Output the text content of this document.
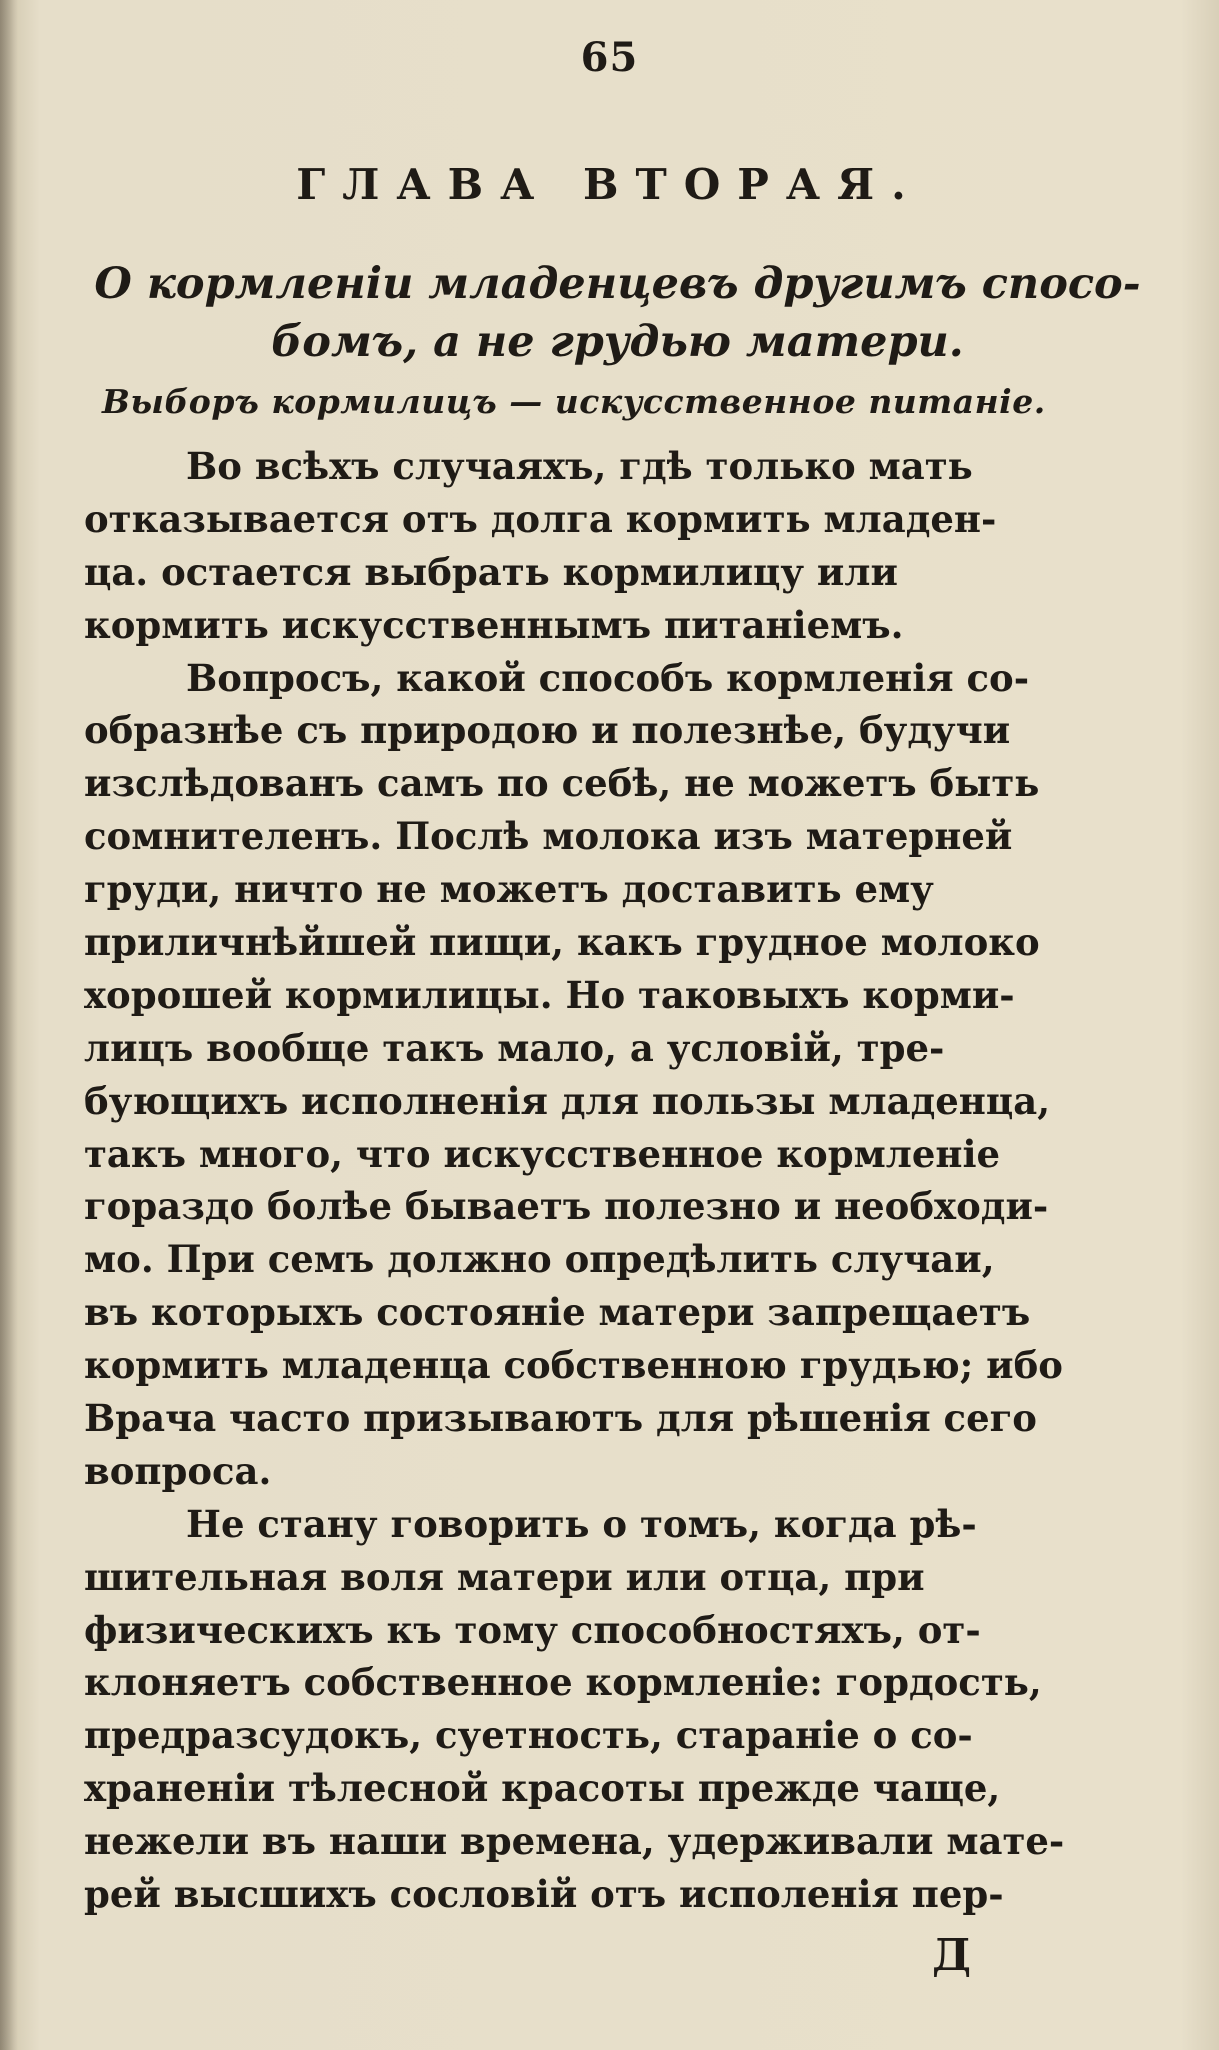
65
ГЛАВА ВТОРАЯ.
О кормленіи младенцевъ другимъ спосо-
бомъ, а не грудью матери.
Выборъ кормилицъ — искусственное питаніе.
Во всѣхъ случаяхъ, гдѣ только мать
отказывается отъ долга кормить младен-
ца. остается выбрать кормилицу или
кормить искусственнымъ питаніемъ.
Вопросъ, какой способъ кормленія со-
образнѣе съ природою и полезнѣе, будучи
изслѣдованъ самъ по себѣ, не можетъ быть
сомнителенъ. Послѣ молока изъ матерней
груди, ничто не можетъ доставить ему
приличнѣйшей пищи, какъ грудное молоко
хорошей кормилицы. Но таковыхъ корми-
лицъ вообще такъ мало, а условій, тре-
бующихъ исполненія для пользы младенца,
такъ много, что искусственное кормленіе
гораздо болѣе бываетъ полезно и необходи-
мо. При семъ должно опредѣлить случаи,
въ которыхъ состояніе матери запрещаетъ
кормить младенца собственною грудью; ибо
Врача часто призываютъ для рѣшенія сего
вопроса.
Не стану говорить о томъ, когда рѣ-
шительная воля матери или отца, при
физическихъ къ тому способностяхъ, от-
клоняетъ собственное кормленіе: гордость,
предразсудокъ, суетность, стараніе о со-
храненіи тѣлесной красоты прежде чаще,
нежели въ наши времена, удерживали мате-
рей высшихъ сословій отъ исполенія пер-
Д
